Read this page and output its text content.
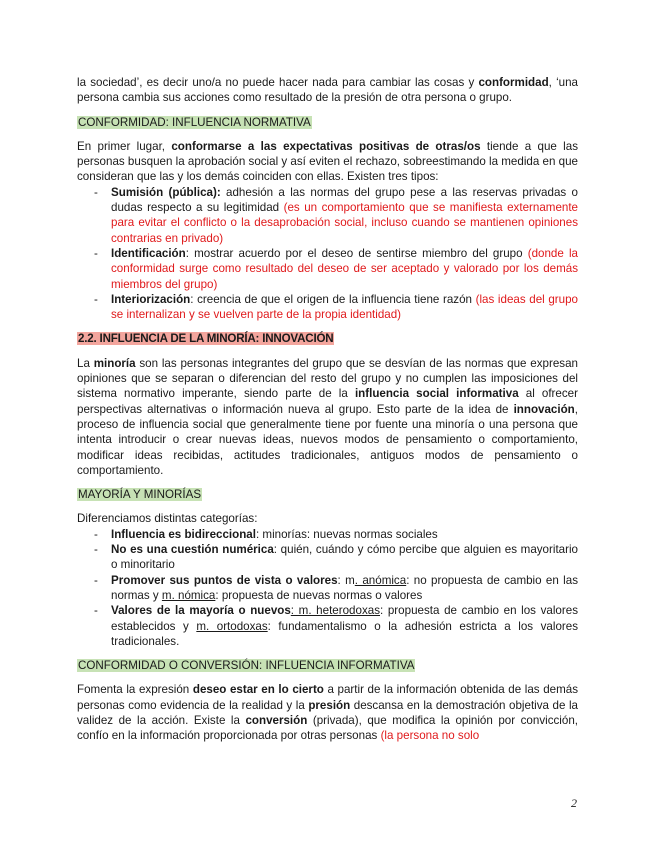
la sociedad’, es decir uno/a no puede hacer nada para cambiar las cosas y conformidad, ‘una persona cambia sus acciones como resultado de la presión de otra persona o grupo.

CONFORMIDAD: INFLUENCIA NORMATIVA

En primer lugar, conformarse a las expectativas positivas de otras/os tiende a que las personas busquen la aprobación social y así eviten el rechazo, sobreestimando la medida en que consideran que las y los demás coinciden con ellas. Existen tres tipos:

- Sumisión (pública): adhesión a las normas del grupo pese a las reservas privadas o dudas respecto a su legitimidad (es un comportamiento que se manifiesta externamente para evitar el conflicto o la desaprobación social, incluso cuando se mantienen opiniones contrarias en privado)
- Identificación: mostrar acuerdo por el deseo de sentirse miembro del grupo (donde la conformidad surge como resultado del deseo de ser aceptado y valorado por los demás miembros del grupo)
- Interiorización: creencia de que el origen de la influencia tiene razón (las ideas del grupo se internalizan y se vuelven parte de la propia identidad)

2.2. INFLUENCIA DE LA MINORÍA: INNOVACIÓN

La minoría son las personas integrantes del grupo que se desvían de las normas que expresan opiniones que se separan o diferencian del resto del grupo y no cumplen las imposiciones del sistema normativo imperante, siendo parte de la influencia social informativa al ofrecer perspectivas alternativas o información nueva al grupo. Esto parte de la idea de innovación, proceso de influencia social que generalmente tiene por fuente una minoría o una persona que intenta introducir o crear nuevas ideas, nuevos modos de pensamiento o comportamiento, modificar ideas recibidas, actitudes tradicionales, antiguos modos de pensamiento o comportamiento.

MAYORÍA Y MINORÍAS

Diferenciamos distintas categorías:

- Influencia es bidireccional: minorías: nuevas normas sociales
- No es una cuestión numérica: quién, cuándo y cómo percibe que alguien es mayoritario o minoritario
- Promover sus puntos de vista o valores: m. anómica: no propuesta de cambio en las normas y m. nómica: propuesta de nuevas normas o valores
- Valores de la mayoría o nuevos: m. heterodoxas: propuesta de cambio en los valores establecidos y m. ortodoxas: fundamentalismo o la adhesión estricta a los valores tradicionales.

CONFORMIDAD O CONVERSIÓN: INFLUENCIA INFORMATIVA

Fomenta la expresión deseo estar en lo cierto a partir de la información obtenida de las demás personas como evidencia de la realidad y la presión descansa en la demostración objetiva de la validez de la acción. Existe la conversión (privada), que modifica la opinión por convicción, confío en la información proporcionada por otras personas (la persona no solo

2
